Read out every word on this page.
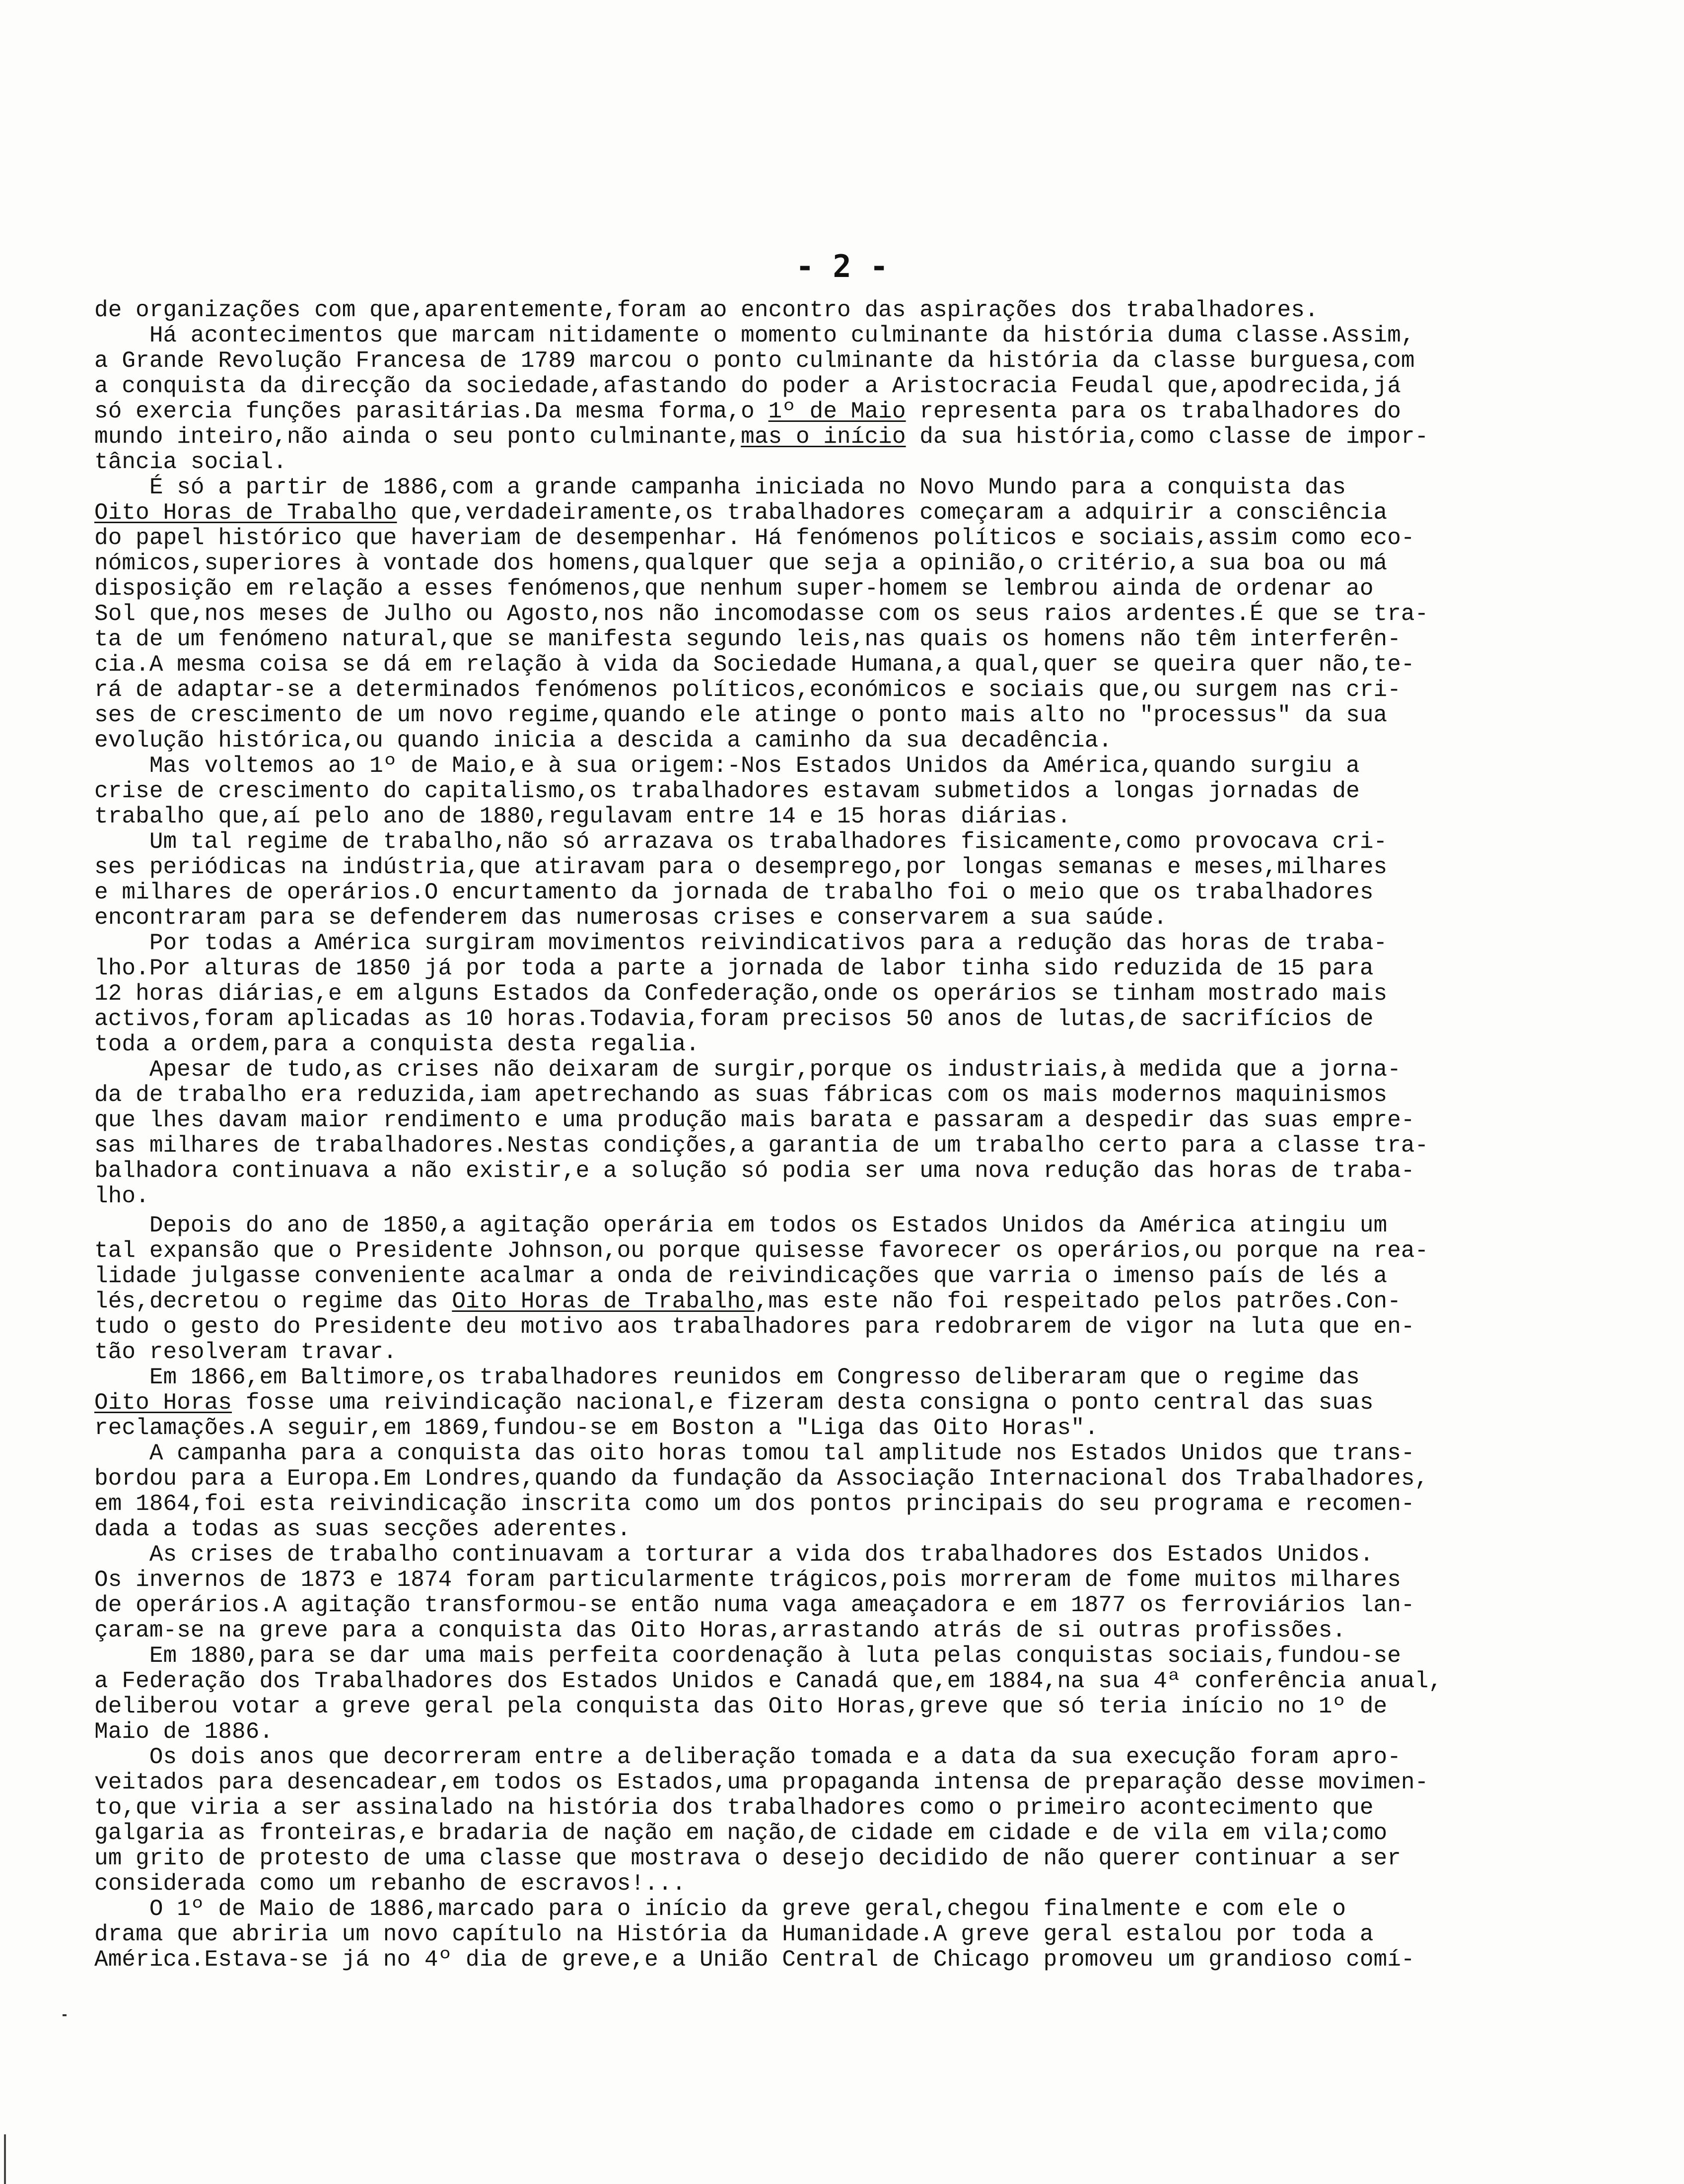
- 2 -
de organizações com que,aparentemente,foram ao encontro das aspirações dos trabalhadores.
Há acontecimentos que marcam nitidamente o momento culminante da história duma classe.Assim,
a Grande Revolução Francesa de 1789 marcou o ponto culminante da história da classe burguesa,com
a conquista da direcção da sociedade,afastando do poder a Aristocracia Feudal que,apodrecida,já
só exercia funções parasitárias.Da mesma forma,o 1º de Maio representa para os trabalhadores do
mundo inteiro,não ainda o seu ponto culminante,mas o início da sua história,como classe de impor-
tância social.
É só a partir de 1886,com a grande campanha iniciada no Novo Mundo para a conquista das
Oito Horas de Trabalho que,verdadeiramente,os trabalhadores começaram a adquirir a consciência
do papel histórico que haveriam de desempenhar. Há fenómenos políticos e sociais,assim como eco-
nómicos,superiores à vontade dos homens,qualquer que seja a opinião,o critério,a sua boa ou má
disposição em relação a esses fenómenos,que nenhum super-homem se lembrou ainda de ordenar ao
Sol que,nos meses de Julho ou Agosto,nos não incomodasse com os seus raios ardentes.É que se tra-
ta de um fenómeno natural,que se manifesta segundo leis,nas quais os homens não têm interferên-
cia.A mesma coisa se dá em relação à vida da Sociedade Humana,a qual,quer se queira quer não,te-
rá de adaptar-se a determinados fenómenos políticos,económicos e sociais que,ou surgem nas cri-
ses de crescimento de um novo regime,quando ele atinge o ponto mais alto no "processus" da sua
evolução histórica,ou quando inicia a descida a caminho da sua decadência.
Mas voltemos ao 1º de Maio,e à sua origem:-Nos Estados Unidos da América,quando surgiu a
crise de crescimento do capitalismo,os trabalhadores estavam submetidos a longas jornadas de
trabalho que,aí pelo ano de 1880,regulavam entre 14 e 15 horas diárias.
Um tal regime de trabalho,não só arrazava os trabalhadores fisicamente,como provocava cri-
ses periódicas na indústria,que atiravam para o desemprego,por longas semanas e meses,milhares
e milhares de operários.O encurtamento da jornada de trabalho foi o meio que os trabalhadores
encontraram para se defenderem das numerosas crises e conservarem a sua saúde.
Por todas a América surgiram movimentos reivindicativos para a redução das horas de traba-
lho.Por alturas de 1850 já por toda a parte a jornada de labor tinha sido reduzida de 15 para
12 horas diárias,e em alguns Estados da Confederação,onde os operários se tinham mostrado mais
activos,foram aplicadas as 10 horas.Todavia,foram precisos 50 anos de lutas,de sacrifícios de
toda a ordem,para a conquista desta regalia.
Apesar de tudo,as crises não deixaram de surgir,porque os industriais,à medida que a jorna-
da de trabalho era reduzida,iam apetrechando as suas fábricas com os mais modernos maquinismos
que lhes davam maior rendimento e uma produção mais barata e passaram a despedir das suas empre-
sas milhares de trabalhadores.Nestas condições,a garantia de um trabalho certo para a classe tra-
balhadora continuava a não existir,e a solução só podia ser uma nova redução das horas de traba-
lho.
Depois do ano de 1850,a agitação operária em todos os Estados Unidos da América atingiu um
tal expansão que o Presidente Johnson,ou porque quisesse favorecer os operários,ou porque na rea-
lidade julgasse conveniente acalmar a onda de reivindicações que varria o imenso país de lés a
lés,decretou o regime das Oito Horas de Trabalho,mas este não foi respeitado pelos patrões.Con-
tudo o gesto do Presidente deu motivo aos trabalhadores para redobrarem de vigor na luta que en-
tão resolveram travar.
Em 1866,em Baltimore,os trabalhadores reunidos em Congresso deliberaram que o regime das
Oito Horas fosse uma reivindicação nacional,e fizeram desta consigna o ponto central das suas
reclamações.A seguir,em 1869,fundou-se em Boston a "Liga das Oito Horas".
A campanha para a conquista das oito horas tomou tal amplitude nos Estados Unidos que trans-
bordou para a Europa.Em Londres,quando da fundação da Associação Internacional dos Trabalhadores,
em 1864,foi esta reivindicação inscrita como um dos pontos principais do seu programa e recomen-
dada a todas as suas secções aderentes.
As crises de trabalho continuavam a torturar a vida dos trabalhadores dos Estados Unidos.
Os invernos de 1873 e 1874 foram particularmente trágicos,pois morreram de fome muitos milhares
de operários.A agitação transformou-se então numa vaga ameaçadora e em 1877 os ferroviários lan-
çaram-se na greve para a conquista das Oito Horas,arrastando atrás de si outras profissões.
Em 1880,para se dar uma mais perfeita coordenação à luta pelas conquistas sociais,fundou-se
a Federação dos Trabalhadores dos Estados Unidos e Canadá que,em 1884,na sua 4ª conferência anual,
deliberou votar a greve geral pela conquista das Oito Horas,greve que só teria início no 1º de
Maio de 1886.
Os dois anos que decorreram entre a deliberação tomada e a data da sua execução foram apro-
veitados para desencadear,em todos os Estados,uma propaganda intensa de preparação desse movimen-
to,que viria a ser assinalado na história dos trabalhadores como o primeiro acontecimento que
galgaria as fronteiras,e bradaria de nação em nação,de cidade em cidade e de vila em vila;como
um grito de protesto de uma classe que mostrava o desejo decidido de não querer continuar a ser
considerada como um rebanho de escravos!...
O 1º de Maio de 1886,marcado para o início da greve geral,chegou finalmente e com ele o
drama que abriria um novo capítulo na História da Humanidade.A greve geral estalou por toda a
América.Estava-se já no 4º dia de greve,e a União Central de Chicago promoveu um grandioso comí-
